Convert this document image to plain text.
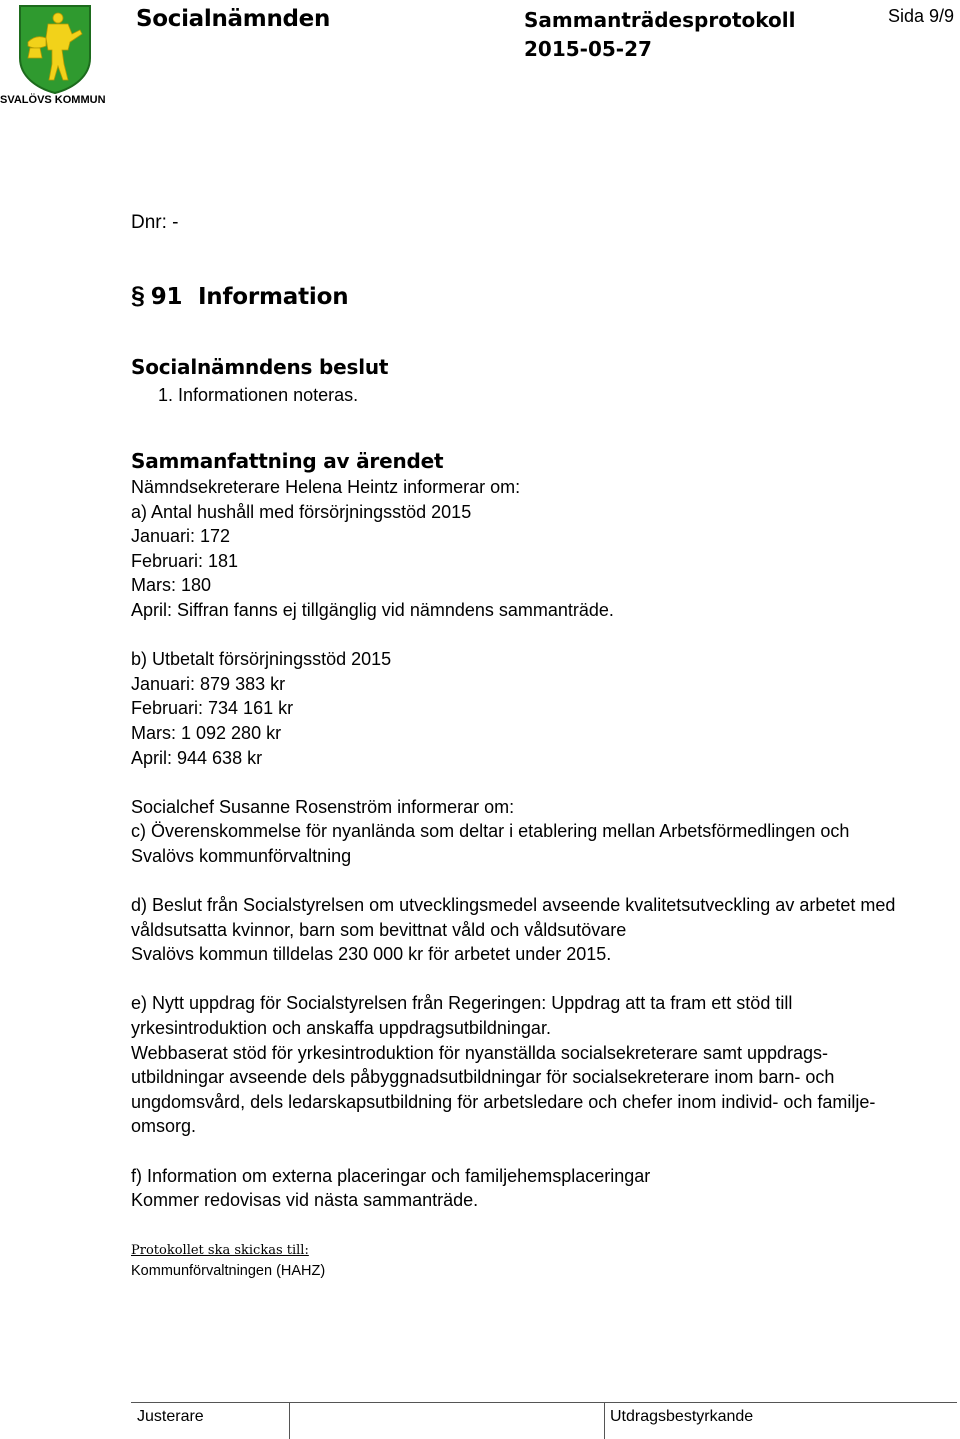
SVALÖVS KOMMUN
Socialnämnden	Sammanträdesprotokoll
2015-05-27
Sida 9/9
Dnr: -
§ 91  Information
Socialnämndens beslut
1. Informationen noteras.
Sammanfattning av ärendet
Nämndsekreterare Helena Heintz informerar om:
a) Antal hushåll med försörjningsstöd 2015
Januari: 172
Februari: 181
Mars: 180
April: Siffran fanns ej tillgänglig vid nämndens sammanträde.
b) Utbetalt försörjningsstöd 2015
Januari: 879 383 kr
Februari: 734 161 kr
Mars: 1 092 280 kr
April: 944 638 kr
Socialchef Susanne Rosenström informerar om:
c) Överenskommelse för nyanlända som deltar i etablering mellan Arbetsförmedlingen och
Svalövs kommunförvaltning
d) Beslut från Socialstyrelsen om utvecklingsmedel avseende kvalitetsutveckling av arbetet med
våldsutsatta kvinnor, barn som bevittnat våld och våldsutövare
Svalövs kommun tilldelas 230 000 kr för arbetet under 2015.
e) Nytt uppdrag för Socialstyrelsen från Regeringen: Uppdrag att ta fram ett stöd till
yrkesintroduktion och anskaffa uppdragsutbildningar.
Webbaserat stöd för yrkesintroduktion för nyanställda socialsekreterare samt uppdrags-
utbildningar avseende dels påbyggnadsutbildningar för socialsekreterare inom barn- och
ungdomsvård, dels ledarskapsutbildning för arbetsledare och chefer inom individ- och familje-
omsorg.
f) Information om externa placeringar och familjehemsplaceringar
Kommer redovisas vid nästa sammanträde.
Protokollet ska skickas till:
Kommunförvaltningen (HAHZ)
Justerare	Utdragsbestyrkande
